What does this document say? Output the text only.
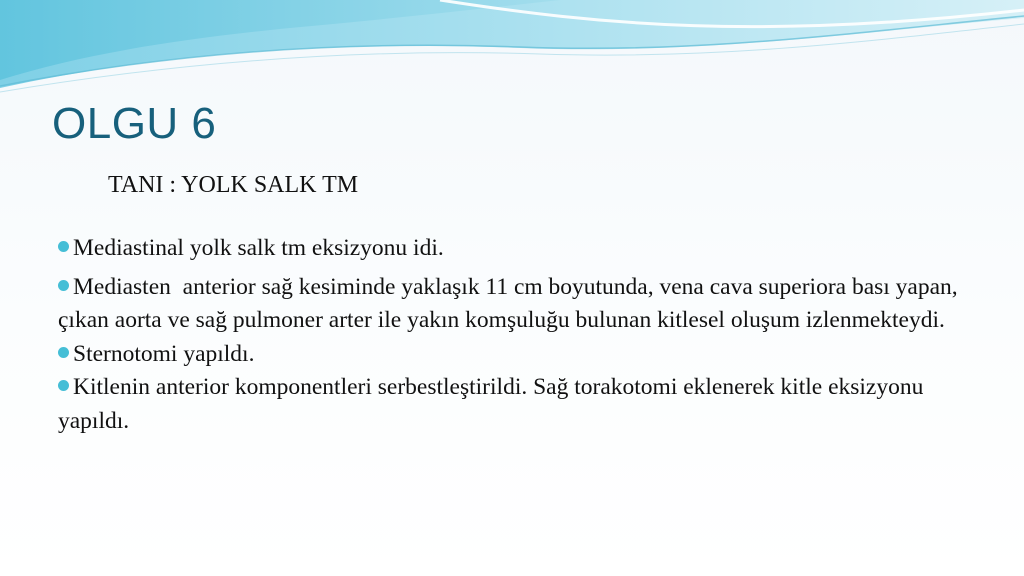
OLGU 6
TANI : YOLK SALK TM
Mediastinal yolk salk tm eksizyonu idi.
Mediasten  anterior sağ kesiminde yaklaşık 11 cm boyutunda, vena cava superiora bası yapan, çıkan aorta ve sağ pulmoner arter ile yakın komşuluğu bulunan kitlesel oluşum izlenmekteydi.
Sternotomi yapıldı.
Kitlenin anterior komponentleri serbestleştirildi. Sağ torakotomi eklenerek kitle eksizyonu yapıldı.
